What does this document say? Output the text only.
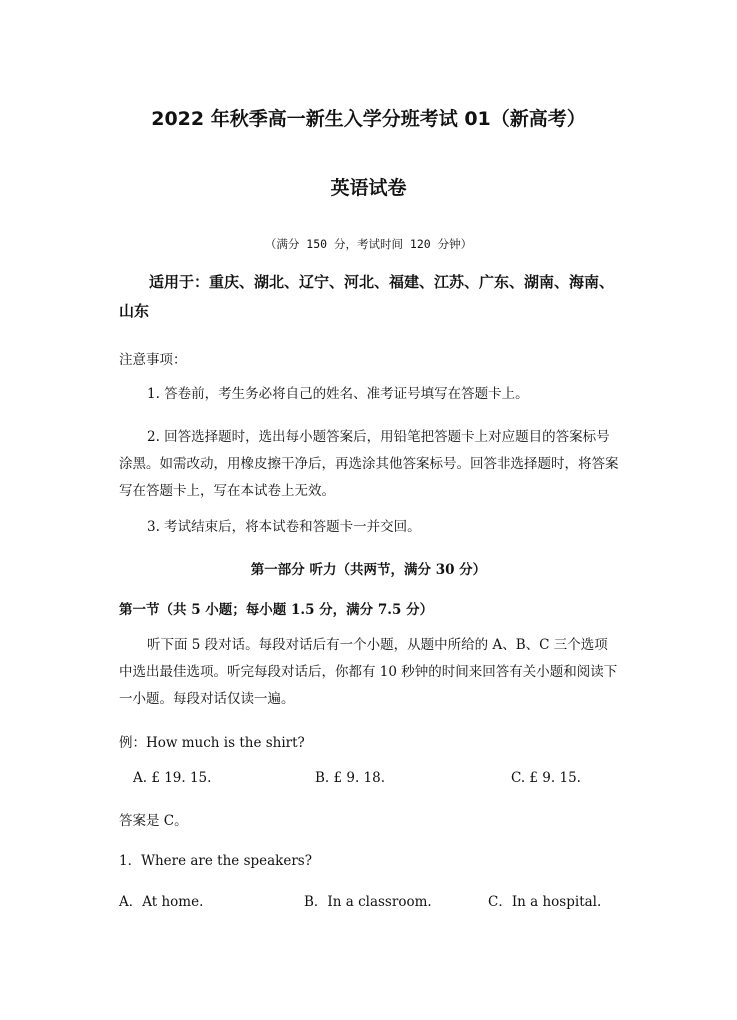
2022 年秋季高一新生入学分班考试 01（新高考）
英语试卷
（满分 150 分，考试时间 120 分钟）
适用于：重庆、湖北、辽宁、河北、福建、江苏、广东、湖南、海南、山东
注意事项：
1. 答卷前，考生务必将自己的姓名、准考证号填写在答题卡上。
2. 回答选择题时，选出每小题答案后，用铅笔把答题卡上对应题目的答案标号涂黑。如需改动，用橡皮擦干净后，再选涂其他答案标号。回答非选择题时，将答案写在答题卡上，写在本试卷上无效。
3. 考试结束后，将本试卷和答题卡一并交回。
第一部分 听力（共两节，满分 30 分）
第一节（共 5 小题；每小题 1.5 分，满分 7.5 分）
听下面 5 段对话。每段对话后有一个小题，从题中所给的 A、B、C 三个选项中选出最佳选项。听完每段对话后，你都有 10 秒钟的时间来回答有关小题和阅读下一小题。每段对话仅读一遍。
例：How much is the shirt?
A. £ 19. 15.	B. £ 9. 18.	C. £ 9. 15.
答案是 C。
1．Where are the speakers?
A．At home.	B．In a classroom.	C．In a hospital.
